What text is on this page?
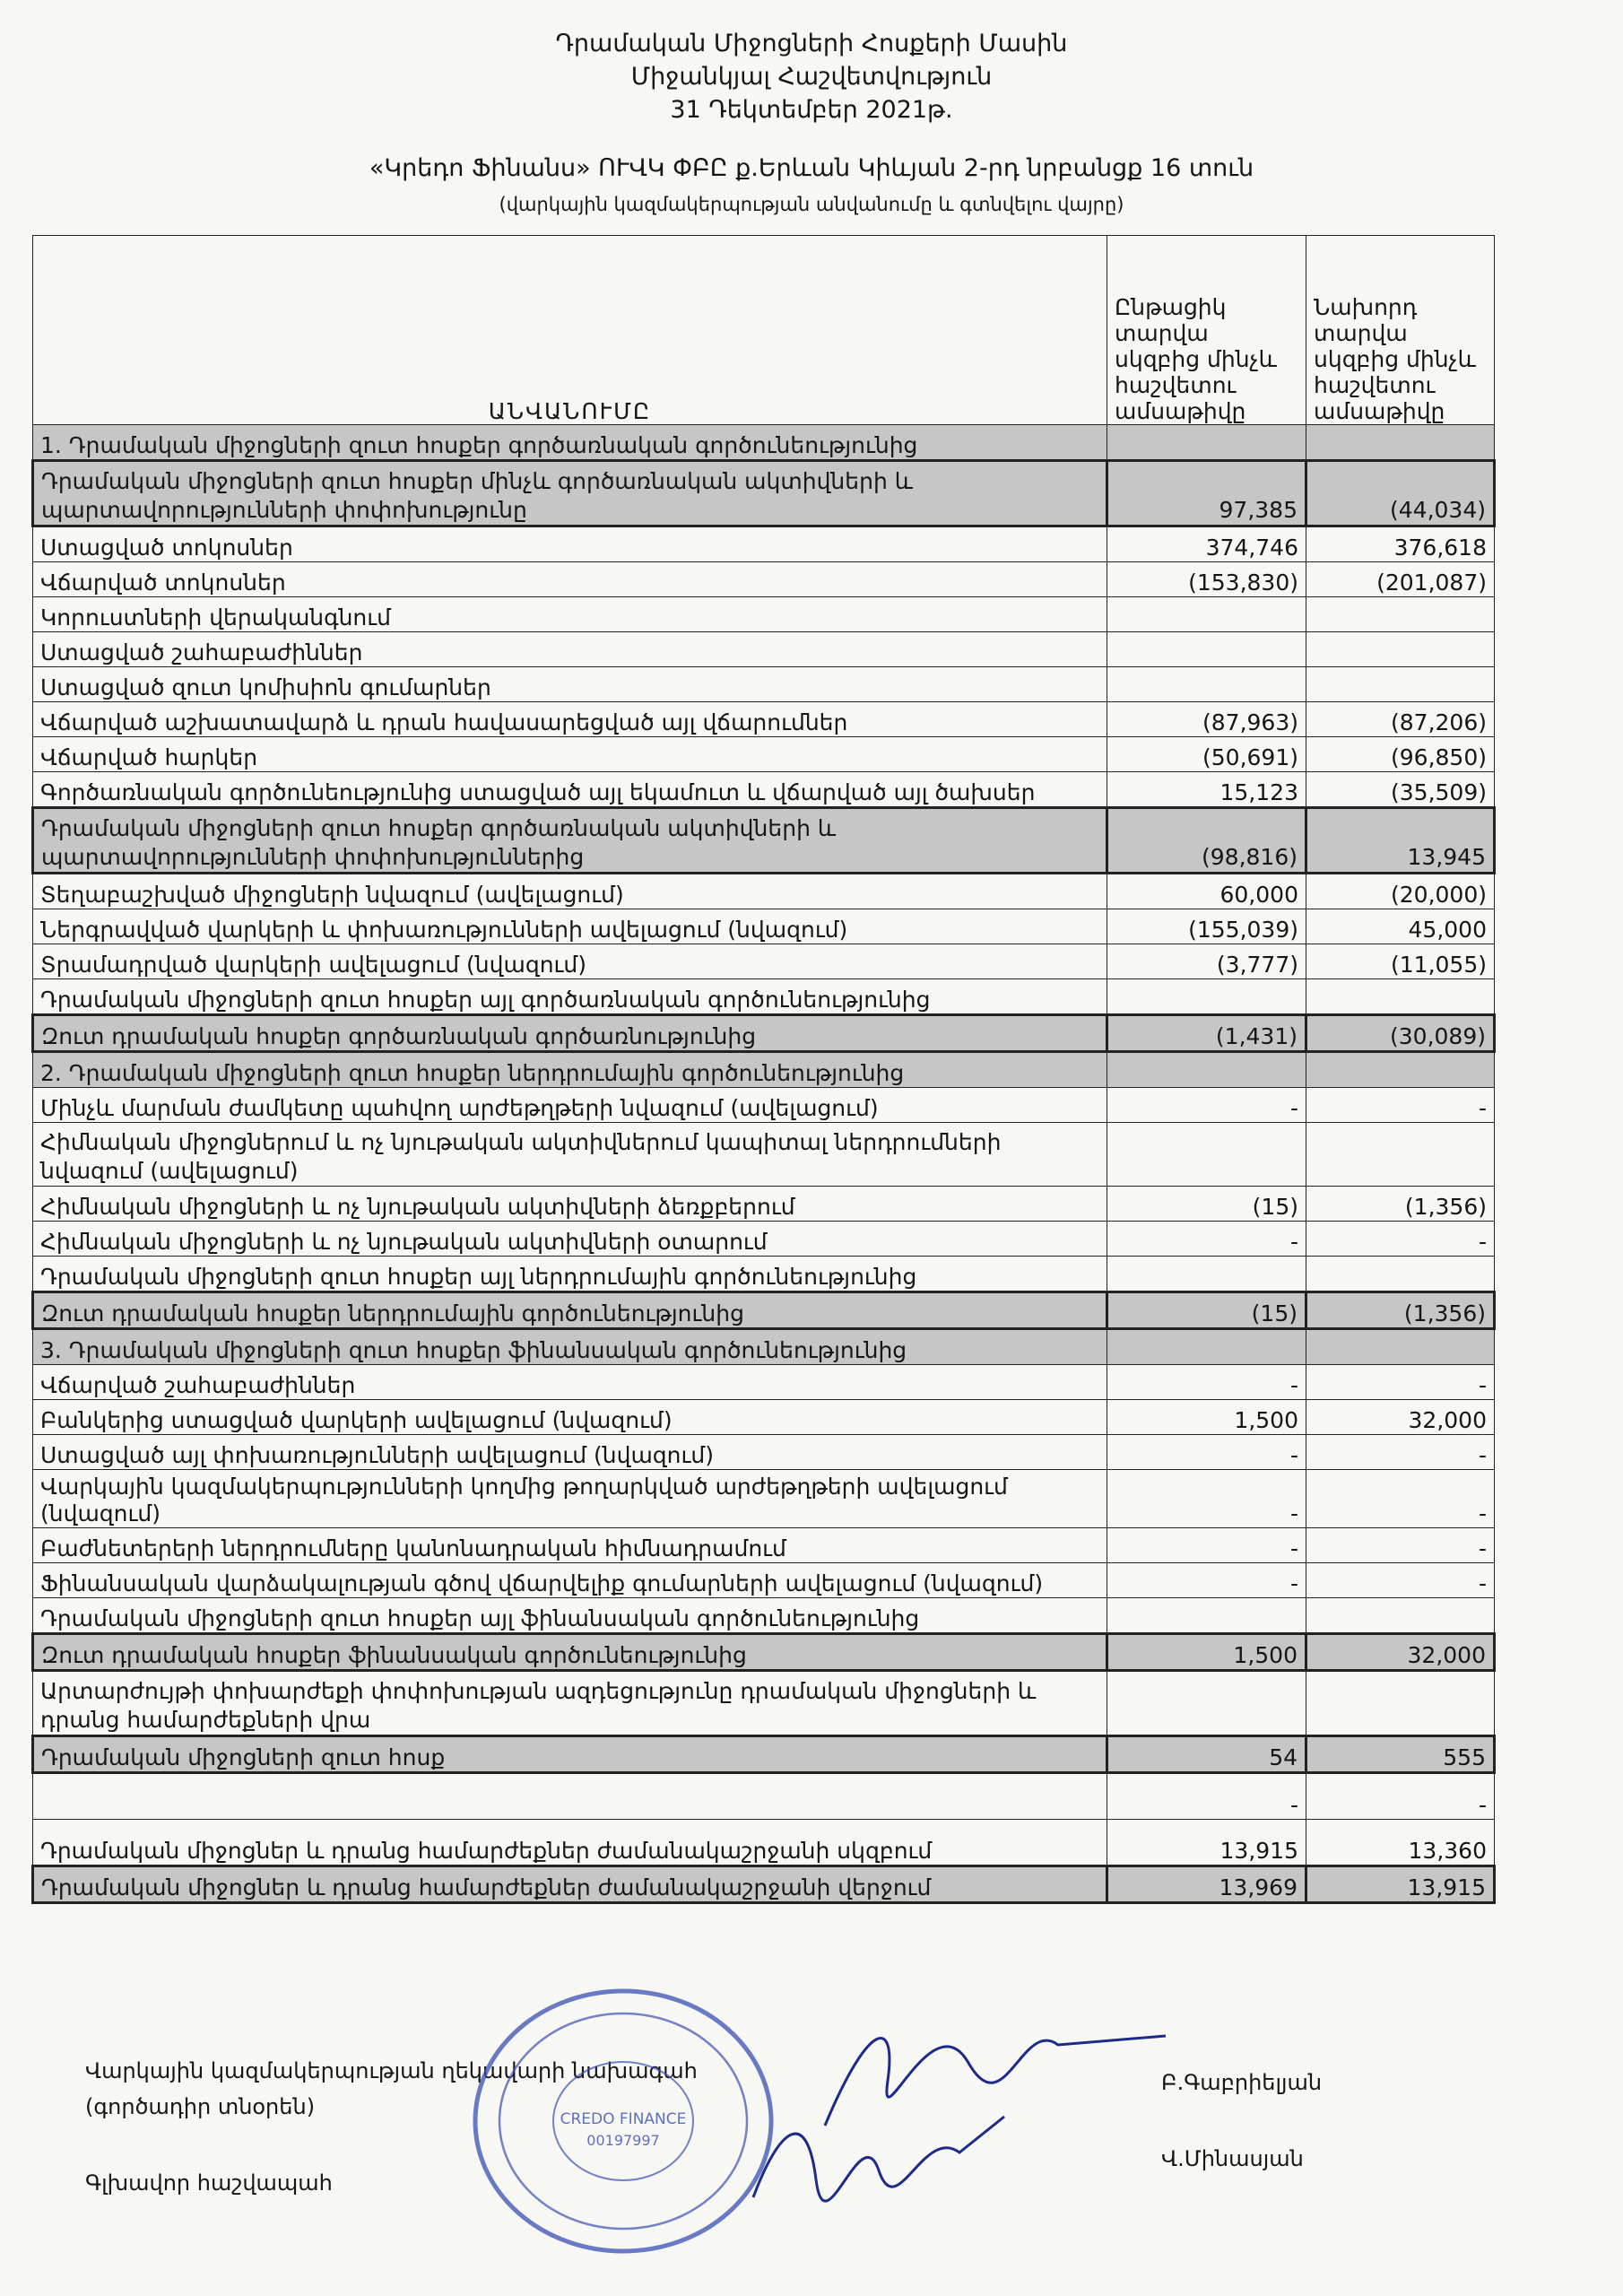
Դրամական Միջոցների Հոսքերի Մասին
Միջանկյալ Հաշվետվություն
31 Դեկտեմբեր 2021թ.
«Կրեդո Ֆինանս» ՈՒՎԿ ՓԲԸ ք.Երևան Կիևյան 2-րդ նրբանցք 16 տուն
(վարկային կազմակերպության անվանումը և գտնվելու վայրը)
ԱՆՎԱՆՈՒՄԸ	Ընթացիկ տարվա սկզբից մինչև հաշվետու ամսաթիվը	Նախորդ տարվա սկզբից մինչև հաշվետու ամսաթիվը
1. Դրամական միջոցների զուտ հոսքեր գործառնական գործունեությունից		
Դրամական միջոցների զուտ հոսքեր մինչև գործառնական ակտիվների և պարտավորությունների փոփոխությունը	97,385	(44,034)
Ստացված տոկոսներ	374,746	376,618
Վճարված տոկոսներ	(153,830)	(201,087)
Կորուստների վերականգնում		
Ստացված շահաբաժիններ		
Ստացված զուտ կոմիսիոն գումարներ		
Վճարված աշխատավարձ և դրան հավասարեցված այլ վճարումներ	(87,963)	(87,206)
Վճարված հարկեր	(50,691)	(96,850)
Գործառնական գործունեությունից ստացված այլ եկամուտ և վճարված այլ ծախսեր	15,123	(35,509)
Դրամական միջոցների զուտ հոսքեր գործառնական ակտիվների և պարտավորությունների փոփոխություններից	(98,816)	13,945
Տեղաբաշխված միջոցների նվազում (ավելացում)	60,000	(20,000)
Ներգրավված վարկերի և փոխառությունների ավելացում (նվազում)	(155,039)	45,000
Տրամադրված վարկերի ավելացում (նվազում)	(3,777)	(11,055)
Դրամական միջոցների զուտ հոսքեր այլ գործառնական գործունեությունից		
Զուտ դրամական հոսքեր գործառնական գործառնությունից	(1,431)	(30,089)
2. Դրամական միջոցների զուտ հոսքեր ներդրումային գործունեությունից		
Մինչև մարման ժամկետը պահվող արժեթղթերի նվազում (ավելացում)	-	-
Հիմնական միջոցներում և ոչ նյութական ակտիվներում կապիտալ ներդրումների նվազում (ավելացում)		
Հիմնական միջոցների և ոչ նյութական ակտիվների ձեռքբերում	(15)	(1,356)
Հիմնական միջոցների և ոչ նյութական ակտիվների օտարում	-	-
Դրամական միջոցների զուտ հոսքեր այլ ներդրումային գործունեությունից		
Զուտ դրամական հոսքեր ներդրումային գործունեությունից	(15)	(1,356)
3. Դրամական միջոցների զուտ հոսքեր ֆինանսական գործունեությունից		
Վճարված շահաբաժիններ	-	-
Բանկերից ստացված վարկերի ավելացում (նվազում)	1,500	32,000
Ստացված այլ փոխառությունների ավելացում (նվազում)	-	-
Վարկային կազմակերպությունների կողմից թողարկված արժեթղթերի ավելացում (նվազում)	-	-
Բաժնետերերի ներդրումները կանոնադրական հիմնադրամում	-	-
Ֆինանսական վարձակալության գծով վճարվելիք գումարների ավելացում (նվազում)	-	-
Դրամական միջոցների զուտ հոսքեր այլ ֆինանսական գործունեությունից		
Զուտ դրամական հոսքեր ֆինանսական գործունեությունից	1,500	32,000
Արտարժույթի փոխարժեքի փոփոխության ազդեցությունը դրամական միջոցների և դրանց համարժեքների վրա		
Դրամական միջոցների զուտ հոսք	54	555
	-	-
Դրամական միջոցներ և դրանց համարժեքներ ժամանակաշրջանի սկզբում	13,915	13,360
Դրամական միջոցներ և դրանց համարժեքներ ժամանակաշրջանի վերջում	13,969	13,915
Վարկային կազմակերպության ղեկավարի նախագահ
(գործադիր տնօրեն)
Բ.Գաբրիելյան
Գլխավոր հաշվապահ
Վ.Մինասյան
CREDO FINANCE
00197997
